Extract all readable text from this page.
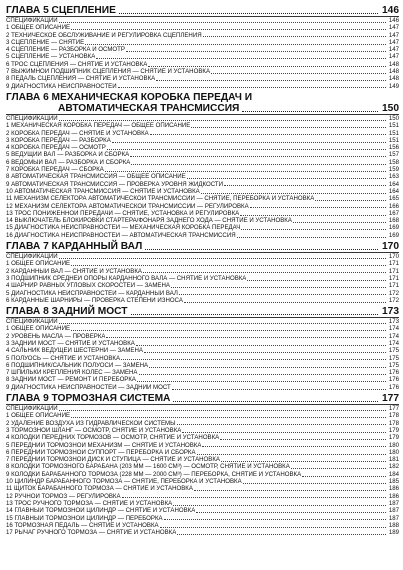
ГЛАВА 5 СЦЕПЛЕНИЕ	146
СПЕЦИФИКАЦИИ	146
1 ОБЩЕЕ ОПИСАНИЕ	147
2 ТЕХНИЧЕСКОЕ ОБСЛУЖИВАНИЕ И РЕГУЛИРОВКА СЦЕПЛЕНИЯ	147
3 СЦЕПЛЕНИЕ — СНЯТИЕ	147
4 СЦЕПЛЕНИЕ — РАЗБОРКА И ОСМОТР	147
5 СЦЕПЛЕНИЕ — УСТАНОВКА	147
6 ТРОС СЦЕПЛЕНИЯ — СНЯТИЕ И УСТАНОВКА	148
7 ВЫЖИМНОЙ ПОДШИПНИК СЦЕПЛЕНИЯ — СНЯТИЕ И УСТАНОВКА	148
8 ПЕДАЛЬ СЦЕПЛЕНИЯ — СНЯТИЕ И УСТАНОВКА	148
9 ДИАГНОСТИКА НЕИСПРАВНОСТЕЙ	149
ГЛАВА 6 МЕХАНИЧЕСКАЯ КОРОБКА ПЕРЕДАЧ И
АВТОМАТИЧЕСКАЯ ТРАНСМИССИЯ	150
СПЕЦИФИКАЦИИ	150
1 МЕХАНИЧЕСКАЯ КОРОБКА ПЕРЕДАЧ — ОБЩЕЕ ОПИСАНИЕ	151
2 КОРОБКА ПЕРЕДАЧ — СНЯТИЕ И УСТАНОВКА	151
3 КОРОБКА ПЕРЕДАЧ — РАЗБОРКА	151
4 КОРОБКА ПЕРЕДАЧ — ОСМОТР	156
5 ВЕДУЩИЙ ВАЛ — РАЗБОРКА И СБОРКА	157
6 ВЕДОМЫЙ ВАЛ — РАЗБОРКА И СБОРКА	158
7 КОРОБКА ПЕРЕДАЧ — СБОРКА	159
8 АВТОМАТИЧЕСКАЯ ТРАНСМИССИЯ — ОБЩЕЕ ОПИСАНИЕ	163
9 АВТОМАТИЧЕСКАЯ ТРАНСМИССИЯ — ПРОВЕРКА УРОВНЯ ЖИДКОСТИ	164
10 АВТОМАТИЧЕСКАЯ ТРАНСМИССИЯ — СНЯТИЕ И УСТАНОВКА	164
11 МЕХАНИЗМ СЕЛЕКТОРА АВТОМАТИЧЕСКОЙ ТРАНСМИССИИ — СНЯТИЕ, ПЕРЕБОРКА И УСТАНОВКА	165
12 МЕХАНИЗМ СЕЛЕКТОРА АВТОМАТИЧЕСКОЙ ТРАНСМИССИИ — РЕГУЛИРОВКА	166
13 ТРОС ПОНИЖЕННОЙ ПЕРЕДАЧИ — СНЯТИЕ, УСТАНОВКА И РЕГУЛИРОВКА	167
14 ВЫКЛЮЧАТЕЛЬ БЛОКИРОВКИ СТАРТЕРА/ФОНАРЯ ЗАДНЕГО ХОДА — СНЯТИЕ И УСТАНОВКА	168
15 ДИАГНОСТИКА НЕИСПРАВНОСТЕЙ — МЕХАНИЧЕСКАЯ КОРОБКА ПЕРЕДАЧ	169
16 ДИАГНОСТИКА НЕИСПРАВНОСТЕЙ — АВТОМАТИЧЕСКАЯ ТРАНСМИССИЯ	169
ГЛАВА 7 КАРДАННЫЙ ВАЛ	170
СПЕЦИФИКАЦИИ	170
1 ОБЩЕЕ ОПИСАНИЕ	171
2 КАРДАННЫЙ ВАЛ — СНЯТИЕ И УСТАНОВКА	171
3 ПОДШИПНИК СРЕДНЕЙ ОПОРЫ КАРДАННОГО ВАЛА — СНЯТИЕ И УСТАНОВКА	171
4 ШАРНИР РАВНЫХ УГЛОВЫХ СКОРОСТЕЙ — ЗАМЕНА	171
5 ДИАГНОСТИКА НЕИСПРАВНОСТЕЙ — КАРДАННЫЙ ВАЛ	172
6 КАРДАННЫЕ ШАРНИРЫ — ПРОВЕРКА СТЕПЕНИ ИЗНОСА	172
ГЛАВА 8 ЗАДНИЙ МОСТ	173
СПЕЦИФИКАЦИИ	173
1 ОБЩЕЕ ОПИСАНИЕ	174
2 УРОВЕНЬ МАСЛА — ПРОВЕРКА	174
3 ЗАДНИЙ МОСТ — СНЯТИЕ И УСТАНОВКА	174
4 САЛЬНИК ВЕДУЩЕЙ ШЕСТЕРНИ — ЗАМЕНА	175
5 ПОЛУОСЬ — СНЯТИЕ И УСТАНОВКА	175
6 ПОДШИПНИК/САЛЬНИК ПОЛУОСИ — ЗАМЕНА	175
7 ШПИЛЬКИ КРЕПЛЕНИЯ КОЛЕС — ЗАМЕНА	176
8 ЗАДНИЙ МОСТ — РЕМОНТ И ПЕРЕБОРКА	176
9 ДИАГНОСТИКА НЕИСПРАВНОСТЕЙ — ЗАДНИЙ МОСТ	176
ГЛАВА 9 ТОРМОЗНАЯ СИСТЕМА	177
СПЕЦИФИКАЦИИ	177
1 ОБЩЕЕ ОПИСАНИЕ	178
2 УДАЛЕНИЕ ВОЗДУХА ИЗ ГИДРАВЛИЧЕСКОЙ СИСТЕМЫ	178
3 ТОРМОЗНОЙ ШЛАНГ — ОСМОТР, СНЯТИЕ И УСТАНОВКА	179
4 КОЛОДКИ ПЕРЕДНИХ ТОРМОЗОВ — ОСМОТР, СНЯТИЕ И УСТАНОВКА	179
5 ПЕРЕДНИЙ ТОРМОЗНОЙ МЕХАНИЗМ — СНЯТИЕ И УСТАНОВКА	180
6 ПЕРЕДНИЙ ТОРМОЗНОЙ СУППОРТ — ПЕРЕБОРКА И СБОРКА	180
7 ПЕРЕДНИЙ ТОРМОЗНОЙ ДИСК И СТУПИЦА — СНЯТИЕ И УСТАНОВКА	181
8 КОЛОДКИ ТОРМОЗНОГО БАРАБАНА (203 ММ — 1600 СМ³) — ОСМОТР, СНЯТИЕ И УСТАНОВКА	182
9 КОЛОДКИ БАРАБАННОГО ТОРМОЗА (228 ММ — 2000 СМ³) — ПЕРЕБОРКА, СНЯТИЕ И УСТАНОВКА	184
10 ЦИЛИНДР БАРАБАННОГО ТОРМОЗА — СНЯТИЕ, ПЕРЕБОРКА И УСТАНОВКА	185
11 ЩИТОК БАРАБАННОГО ТОРМОЗА — СНЯТИЕ И УСТАНОВКА	186
12 РУЧНОЙ ТОРМОЗ — РЕГУЛИРОВКА	186
13 ТРОС РУЧНОГО ТОРМОЗА — СНЯТИЕ И УСТАНОВКА	187
14 ГЛАВНЫЙ ТОРМОЗНОЙ ЦИЛИНДР — СНЯТИЕ И УСТАНОВКА	187
15 ГЛАВНЫЙ ТОРМОЗНОЙ ЦИЛИНДР — ПЕРЕБОРКА	187
16 ТОРМОЗНАЯ ПЕДАЛЬ — СНЯТИЕ И УСТАНОВКА	188
17 РЫЧАГ РУЧНОГО ТОРМОЗА — СНЯТИЕ И УСТАНОВКА	189
